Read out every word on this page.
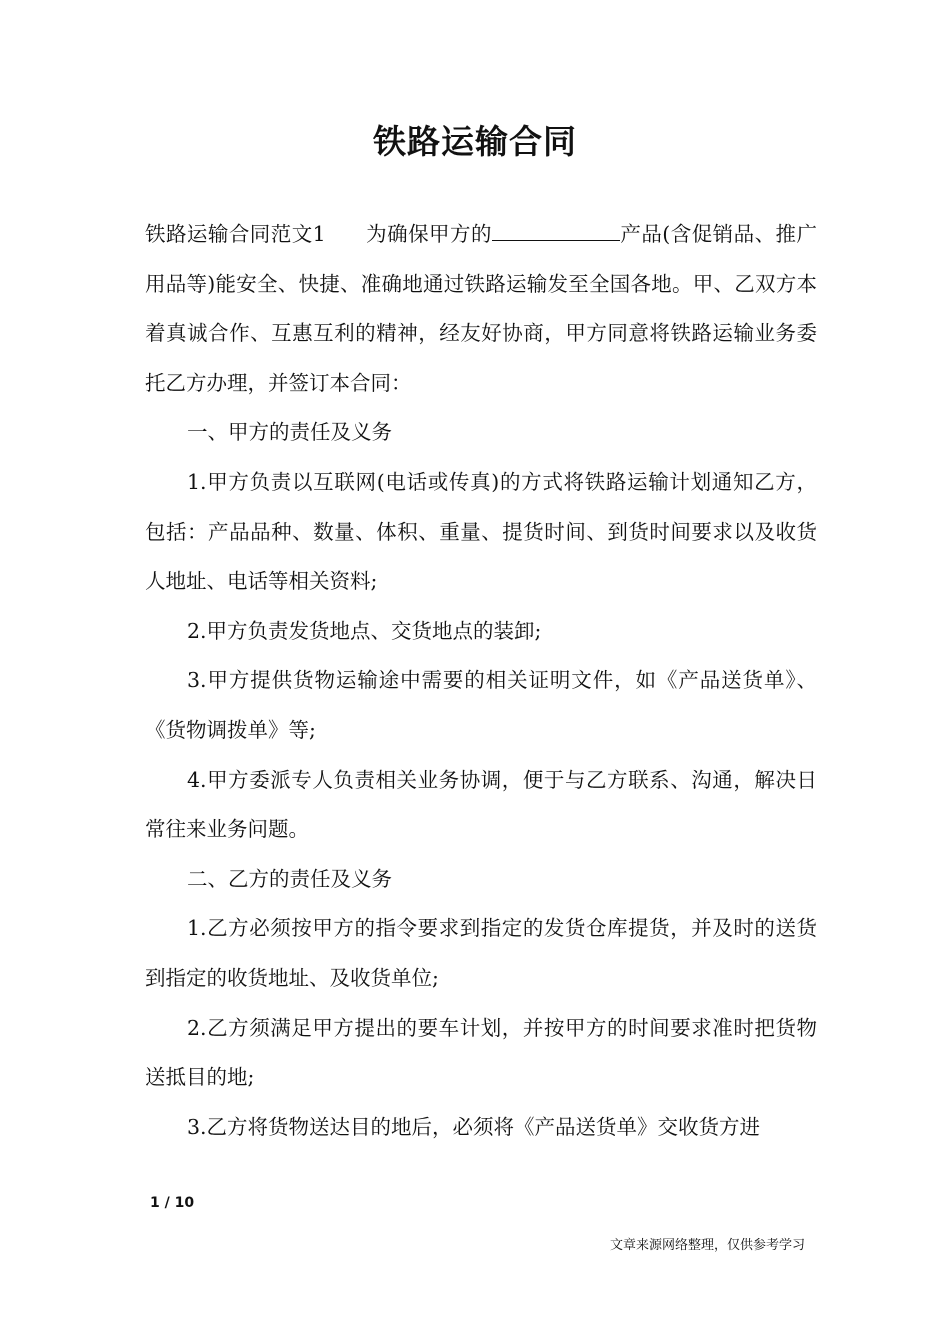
铁路运输合同

铁路运输合同范文1 为确保甲方的	产品(含促销品、推广用品等)能安全、快捷、准确地通过铁路运输发至全国各地。甲、乙双方本着真诚合作、互惠互利的精神，经友好协商，甲方同意将铁路运输业务委托乙方办理，并签订本合同：

一、甲方的责任及义务

1.甲方负责以互联网(电话或传真)的方式将铁路运输计划通知乙方，包括：产品品种、数量、体积、重量、提货时间、到货时间要求以及收货人地址、电话等相关资料;

2.甲方负责发货地点、交货地点的装卸;

3.甲方提供货物运输途中需要的相关证明文件，如《产品送货单》、《货物调拨单》等;

4.甲方委派专人负责相关业务协调，便于与乙方联系、沟通，解决日常往来业务问题。

二、乙方的责任及义务

1.乙方必须按甲方的指令要求到指定的发货仓库提货，并及时的送货到指定的收货地址、及收货单位;

2.乙方须满足甲方提出的要车计划，并按甲方的时间要求准时把货物送抵目的地;

3.乙方将货物送达目的地后，必须将《产品送货单》交收货方进

1 / 10
文章来源网络整理，仅供参考学习
